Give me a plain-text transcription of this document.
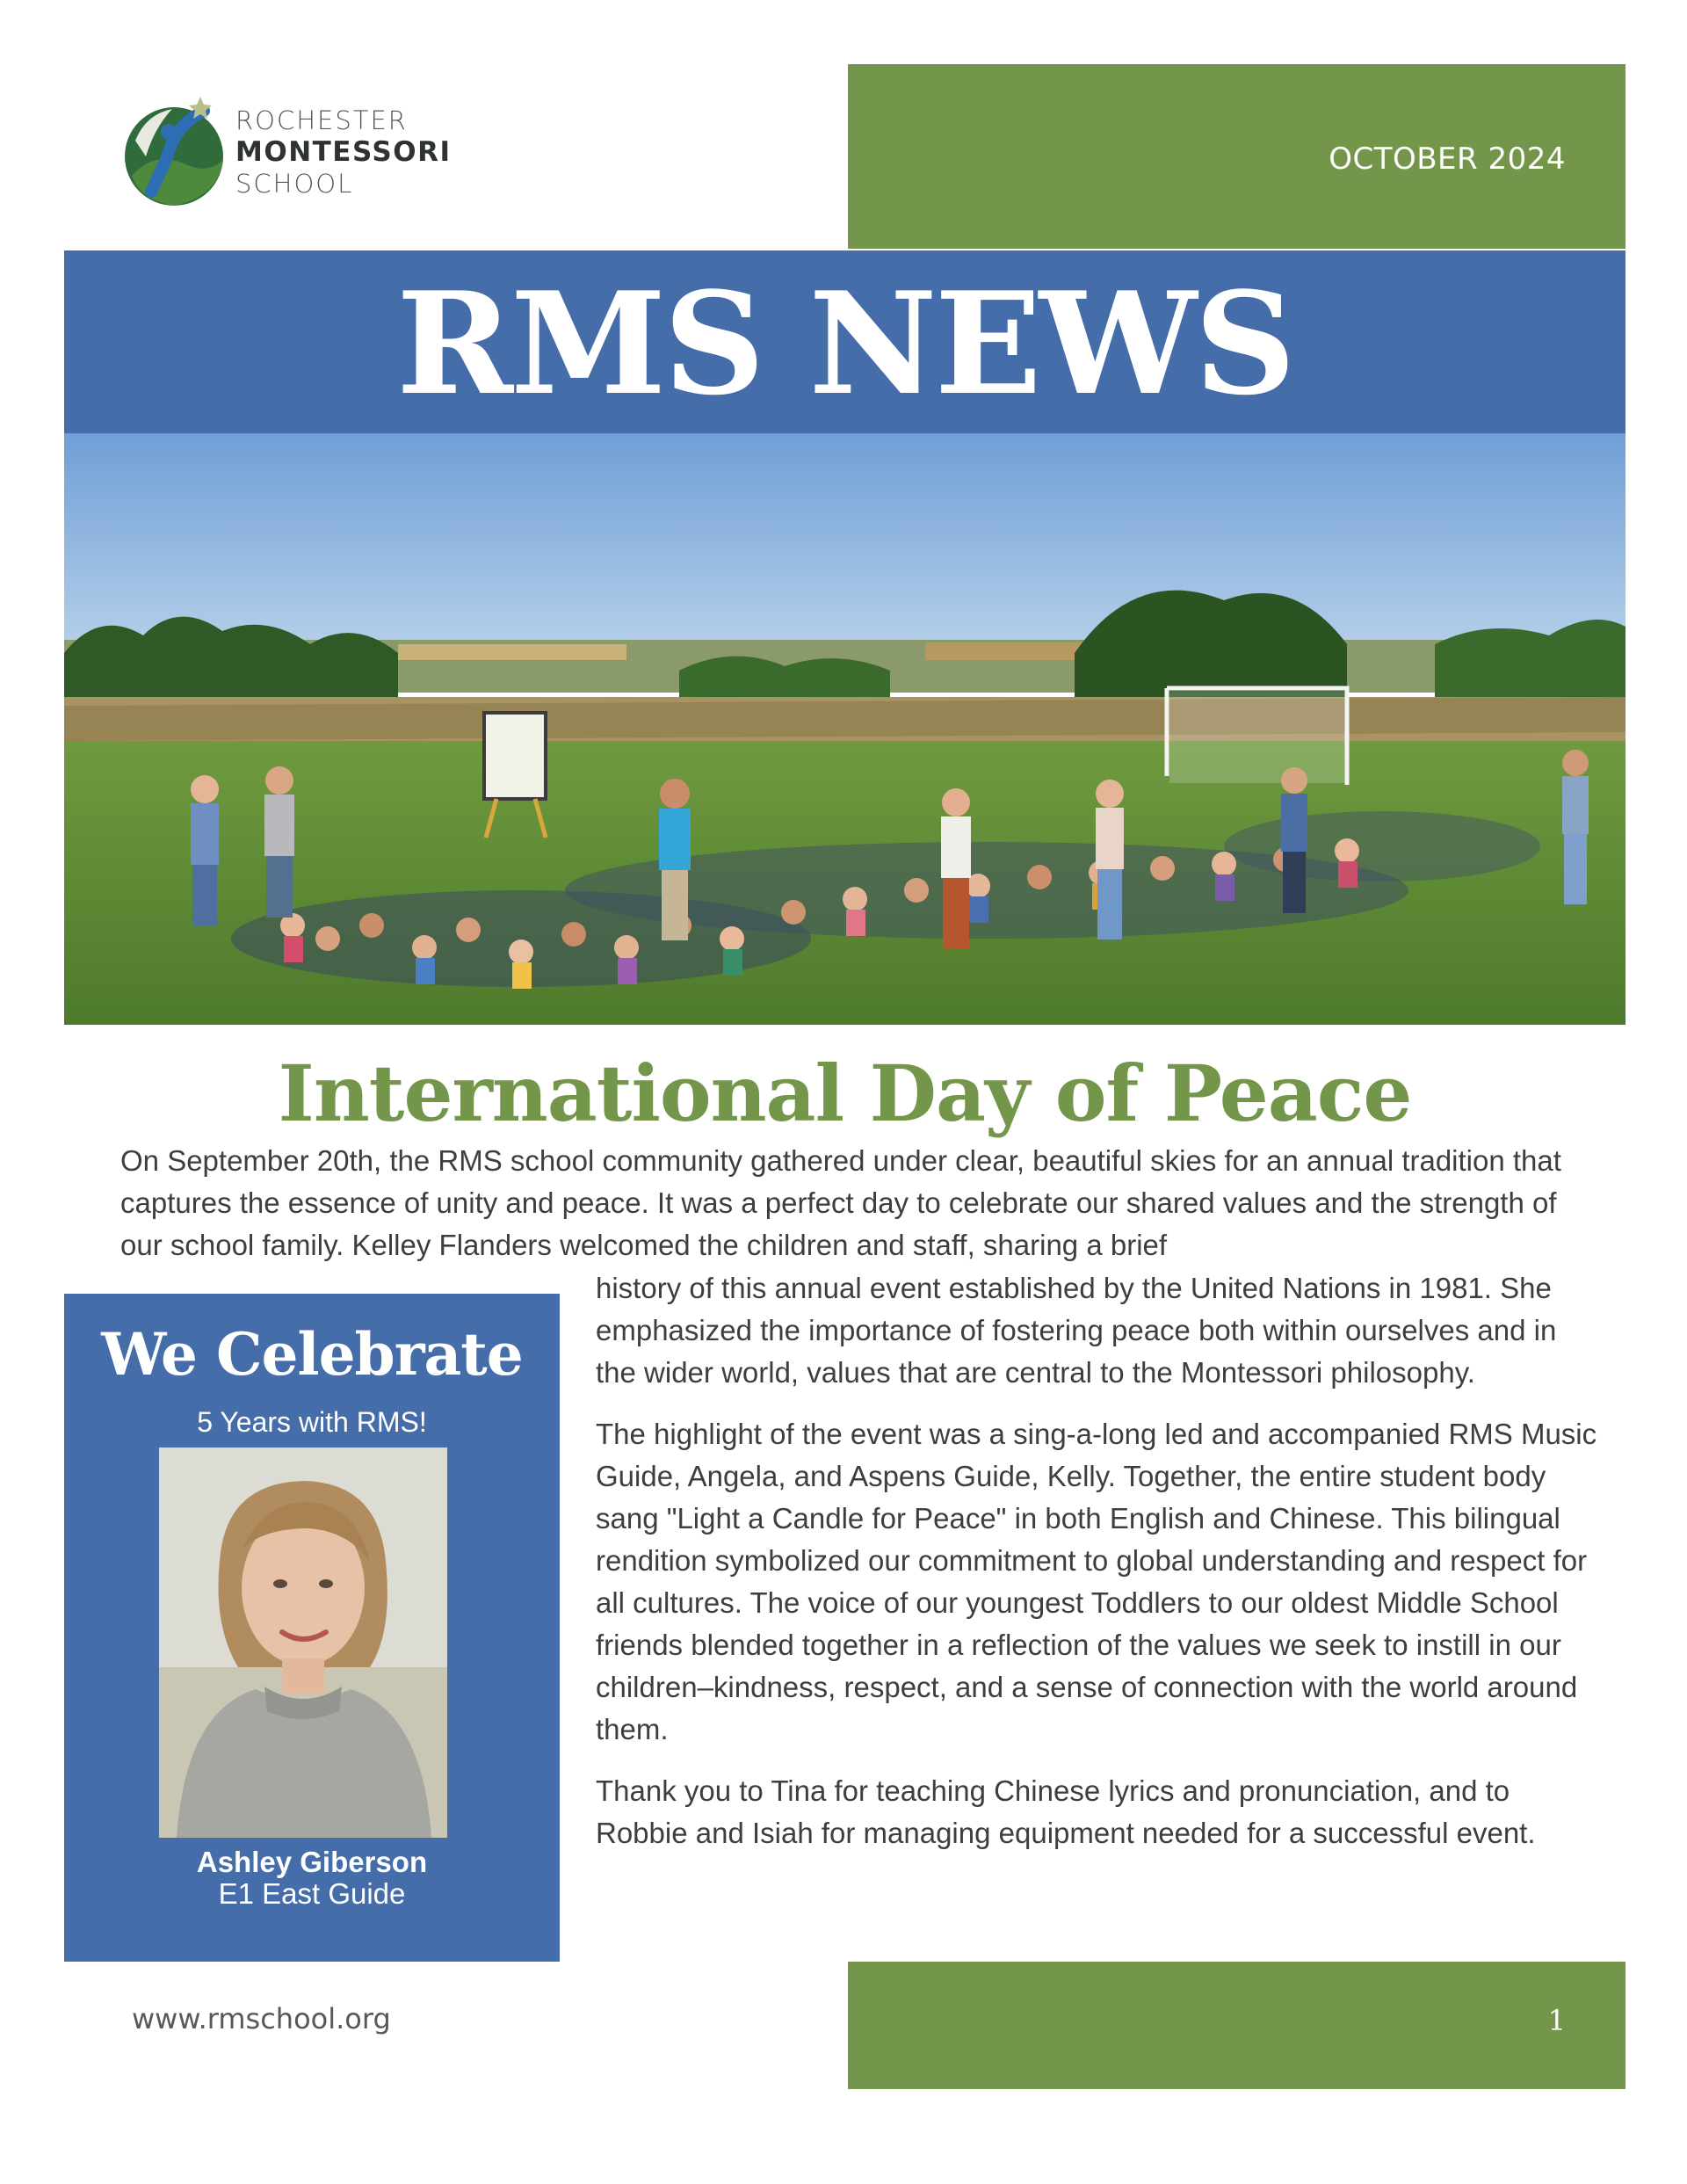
ROCHESTER
MONTESSORI
SCHOOL
OCTOBER 2024
RMS NEWS
International Day of Peace

On September 20th, the RMS school community gathered under clear, beautiful skies for an annual tradition that captures the essence of unity and peace. It was a perfect day to celebrate our shared values and the strength of our school family. Kelley Flanders welcomed the children and staff, sharing a brief

history of this annual event established by the United Nations in 1981. She emphasized the importance of fostering peace both within ourselves and in the wider world, values that are central to the Montessori philosophy.

The highlight of the event was a sing-a-long led and accompanied RMS Music Guide, Angela, and Aspens Guide, Kelly. Together, the entire student body sang "Light a Candle for Peace" in both English and Chinese. This bilingual rendition symbolized our commitment to global understanding and respect for all cultures. The voice of our youngest Toddlers to our oldest Middle School friends blended together in a reflection of the values we seek to instill in our children–kindness, respect, and a sense of connection with the world around them.

Thank you to Tina for teaching Chinese lyrics and pronunciation, and to Robbie and Isiah for managing equipment needed for a successful event.

We Celebrate
5 Years with RMS!
Ashley Giberson
E1 East Guide
www.rmschool.org	1
